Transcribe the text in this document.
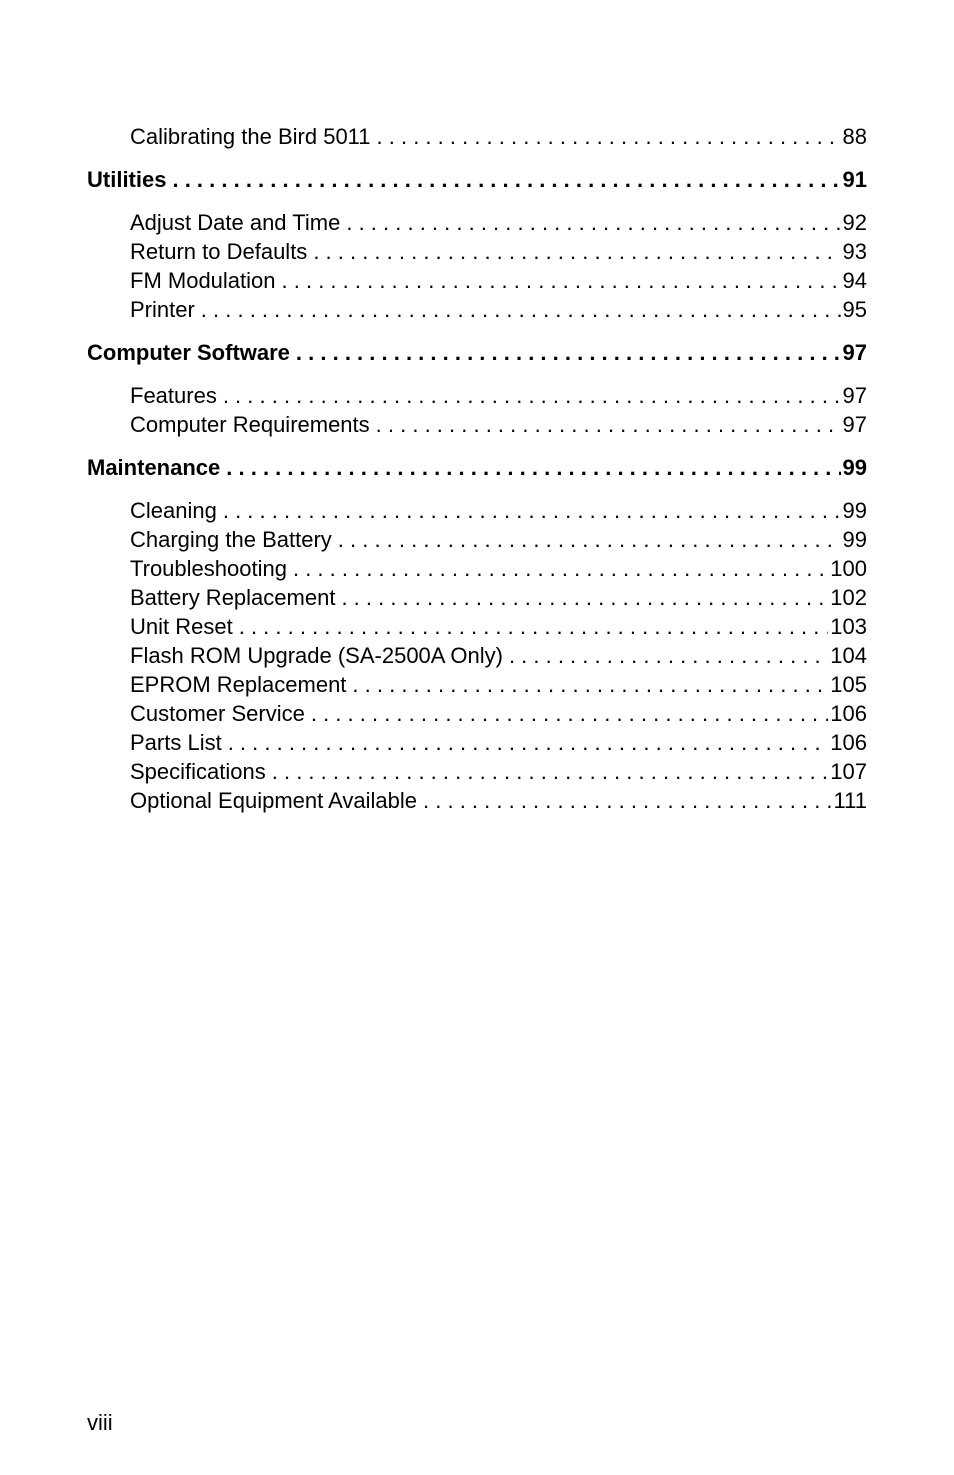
Calibrating the Bird 5011 . . .	88
Utilities . . .	91
Adjust Date and Time . . .	92
Return to Defaults . . .	93
FM Modulation . . .	94
Printer . . .	95
Computer Software . . .	97
Features . . .	97
Computer Requirements . . .	97
Maintenance . . .	99
Cleaning . . .	99
Charging the Battery . . .	99
Troubleshooting . . .	100
Battery Replacement . . .	102
Unit Reset . . .	103
Flash ROM Upgrade (SA-2500A Only) . . .	104
EPROM Replacement . . .	105
Customer Service . . .	106
Parts List . . .	106
Specifications . . .	107
Optional Equipment Available . . .	111
viii
